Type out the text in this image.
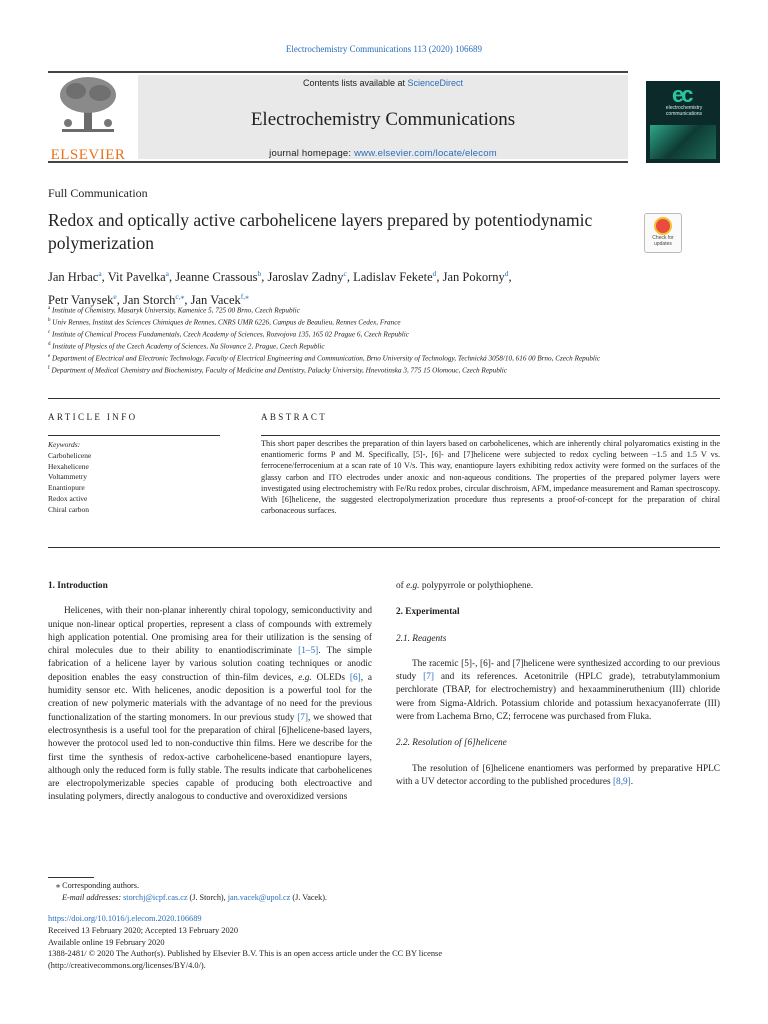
Electrochemistry Communications 113 (2020) 106689
ELSEVIER
Contents lists available at ScienceDirect
Electrochemistry Communications
journal homepage: www.elsevier.com/locate/elecom
ec
electrochemistry communications
Full Communication
Redox and optically active carbohelicene layers prepared by potentiodynamic polymerization	Check for updates
Jan Hrbac$^a$, Vit Pavelka$^a$, Jeanne Crassous$^b$, Jaroslav Zadny$^c$, Ladislav Fekete$^d$, Jan Pokorny$^d$,
Petr Vanysek$^e$, Jan Storch$^{c,⁎}$, Jan Vacek$^{f,⁎}$
$^a$ Institute of Chemistry, Masaryk University, Kamenice 5, 725 00 Brno, Czech Republic
$^b$ Univ Rennes, Institut des Sciences Chimiques de Rennes, CNRS UMR 6226, Campus de Beaulieu, Rennes Cedex, France
$^c$ Institute of Chemical Process Fundamentals, Czech Academy of Sciences, Rozvojova 135, 165 02 Prague 6, Czech Republic
$^d$ Institute of Physics of the Czech Academy of Sciences, Na Slovance 2, Prague, Czech Republic
$^e$ Department of Electrical and Electronic Technology, Faculty of Electrical Engineering and Communication, Brno University of Technology, Technická 3058/10, 616 00 Brno, Czech Republic
$^f$ Department of Medical Chemistry and Biochemistry, Faculty of Medicine and Dentistry, Palacky University, Hnevotinska 3, 775 15 Olomouc, Czech Republic
ARTICLE INFO	ABSTRACT
Keywords:
Carbohelicene
Hexahelicene
Voltammetry
Enantiopure
Redox active
Chiral carbon
This short paper describes the preparation of thin layers based on carbohelicenes, which are inherently chiral polyaromatics existing in the enantiomeric forms P and M. Specifically, [5]-, [6]- and [7]helicene were subjected to redox cycling between −1.5 and 1.5 V vs. ferrocene/ferrocenium at a scan rate of 10 V/s. This way, enantiopure layers exhibiting redox activity were formed on the surfaces of the glassy carbon and ITO electrodes under anoxic and non-aqueous conditions. The properties of the prepared polymer layers were investigated using electrochemistry with Fe/Ru redox probes, circular dischroism, AFM, impedance measurement and Raman spectroscopy. With [6]helicene, the suggested electropolymerization procedure thus represents a proof-of-concept for the preparation of chiral carbonaceous surfaces.
1. Introduction

Helicenes, with their non-planar inherently chiral topology, semiconductivity and unique non-linear optical properties, represent a class of compounds with extremely high application potential. One promising area for their utilization is the sensing of chiral molecules due to their ability to enantiodiscriminate [1–5]. The simple fabrication of a helicene layer by various solution coating techniques or anodic deposition enables the easy construction of thin-film devices, e.g. OLEDs [6], a humidity sensor etc. With helicenes, anodic deposition is a powerful tool for the creation of new polymeric materials with the advantage of no need for the previous functionalization of the starting monomers. In our previous study [7], we showed that electrosynthesis is a useful tool for the preparation of chiral [6]helicene-based layers, however the protocol used led to non-conductive thin films. Here we describe for the first time the synthesis of redox-active carbohelicene-based enantiopure layers, although only the reduced form is fully stable. The results indicate that carbohelicenes are electropolymerizable species capable of producing both electroactive and insulating polymers, directly analogous to conductive and overoxidized versions

of e.g. polypyrrole or polythiophene.

2. Experimental
2.1. Reagents

The racemic [5]-, [6]- and [7]helicene were synthesized according to our previous study [7] and its references. Acetonitrile (HPLC grade), tetrabutylammonium perchlorate (TBAP, for electrochemistry) and hexaammineruthenium (III) chloride were from Sigma-Aldrich. Potassium chloride and potassium hexacyanoferrate (III) were from Lachema Brno, CZ; ferrocene was purchased from Fluka.

2.2. Resolution of [6]helicene

The resolution of [6]helicene enantiomers was performed by preparative HPLC with a UV detector according to the published procedures [8,9].

⁎ Corresponding authors.
E-mail addresses: storchj@icpf.cas.cz (J. Storch), jan.vacek@upol.cz (J. Vacek).
https://doi.org/10.1016/j.elecom.2020.106689
Received 13 February 2020; Accepted 13 February 2020
Available online 19 February 2020
1388-2481/ © 2020 The Author(s). Published by Elsevier B.V. This is an open access article under the CC BY license
(http://creativecommons.org/licenses/BY/4.0/).
